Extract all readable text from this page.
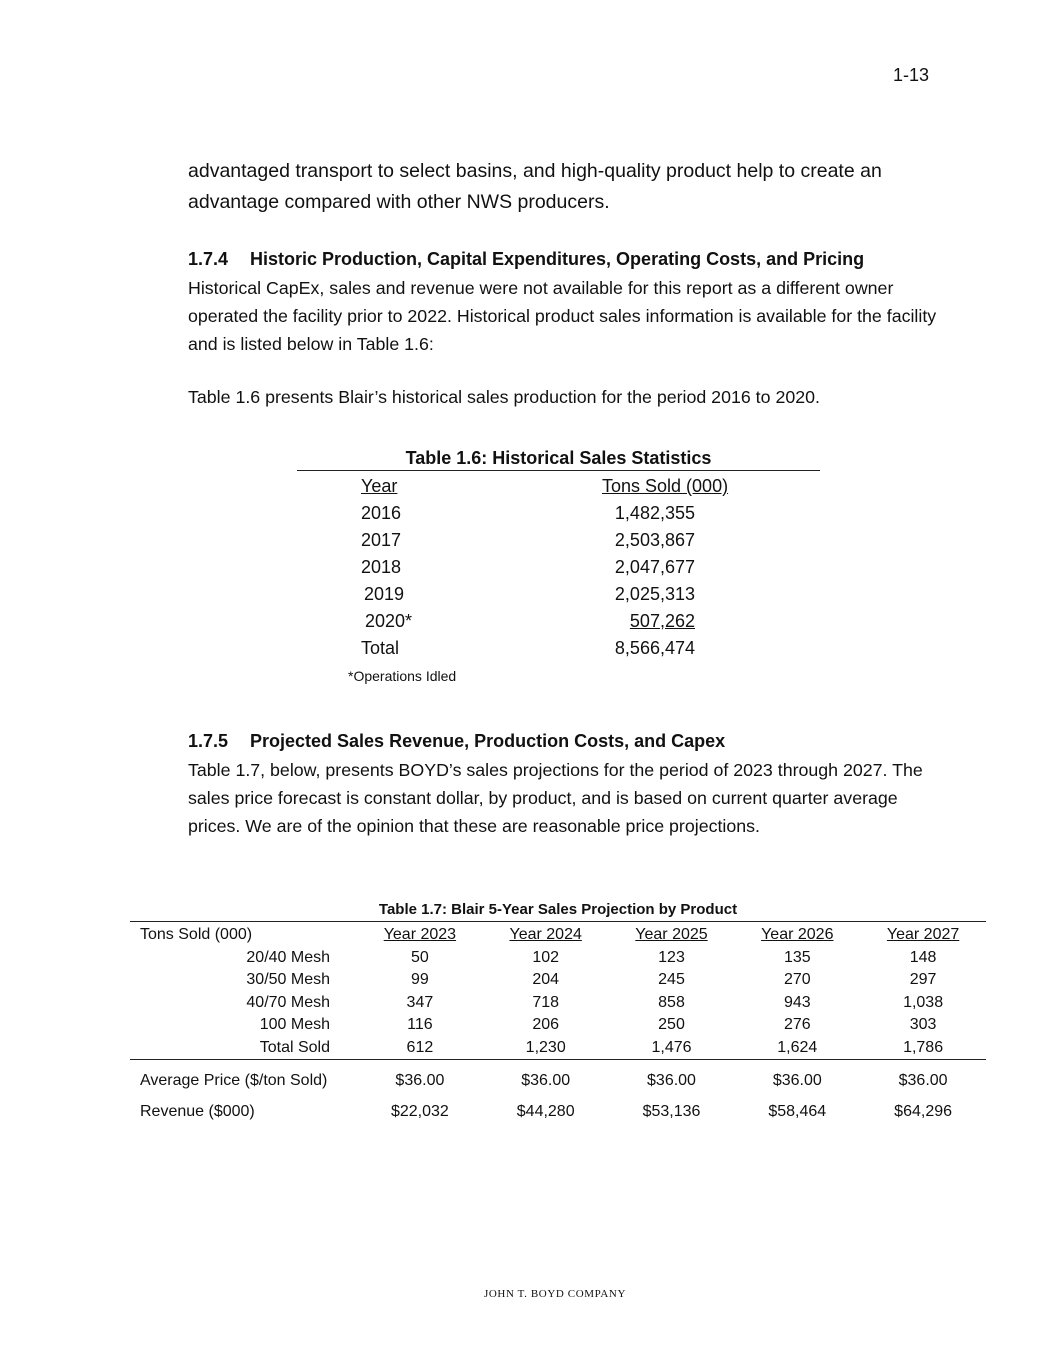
1-13
advantaged transport to select basins, and high-quality product help to create an advantage compared with other NWS producers.
1.7.4 Historic Production, Capital Expenditures, Operating Costs, and Pricing
Historical CapEx, sales and revenue were not available for this report as a different owner operated the facility prior to 2022. Historical product sales information is available for the facility and is listed below in Table 1.6:
Table 1.6 presents Blair’s historical sales production for the period 2016 to 2020.
Table 1.6: Historical Sales Statistics
Year	Tons Sold (000)
2016	1,482,355
2017	2,503,867
2018	2,047,677
2019	2,025,313
2020*	507,262
Total	8,566,474
*Operations Idled
1.7.5 Projected Sales Revenue, Production Costs, and Capex
Table 1.7, below, presents BOYD’s sales projections for the period of 2023 through 2027. The sales price forecast is constant dollar, by product, and is based on current quarter average prices. We are of the opinion that these are reasonable price projections.
Table 1.7: Blair 5-Year Sales Projection by Product
Tons Sold (000)	Year 2023	Year 2024	Year 2025	Year 2026	Year 2027
20/40 Mesh	50	102	123	135	148
30/50 Mesh	99	204	245	270	297
40/70 Mesh	347	718	858	943	1,038
100 Mesh	116	206	250	276	303
Total Sold	612	1,230	1,476	1,624	1,786
Average Price ($/ton Sold)	$36.00	$36.00	$36.00	$36.00	$36.00
Revenue ($000)	$22,032	$44,280	$53,136	$58,464	$64,296
JOHN T. BOYD COMPANY
